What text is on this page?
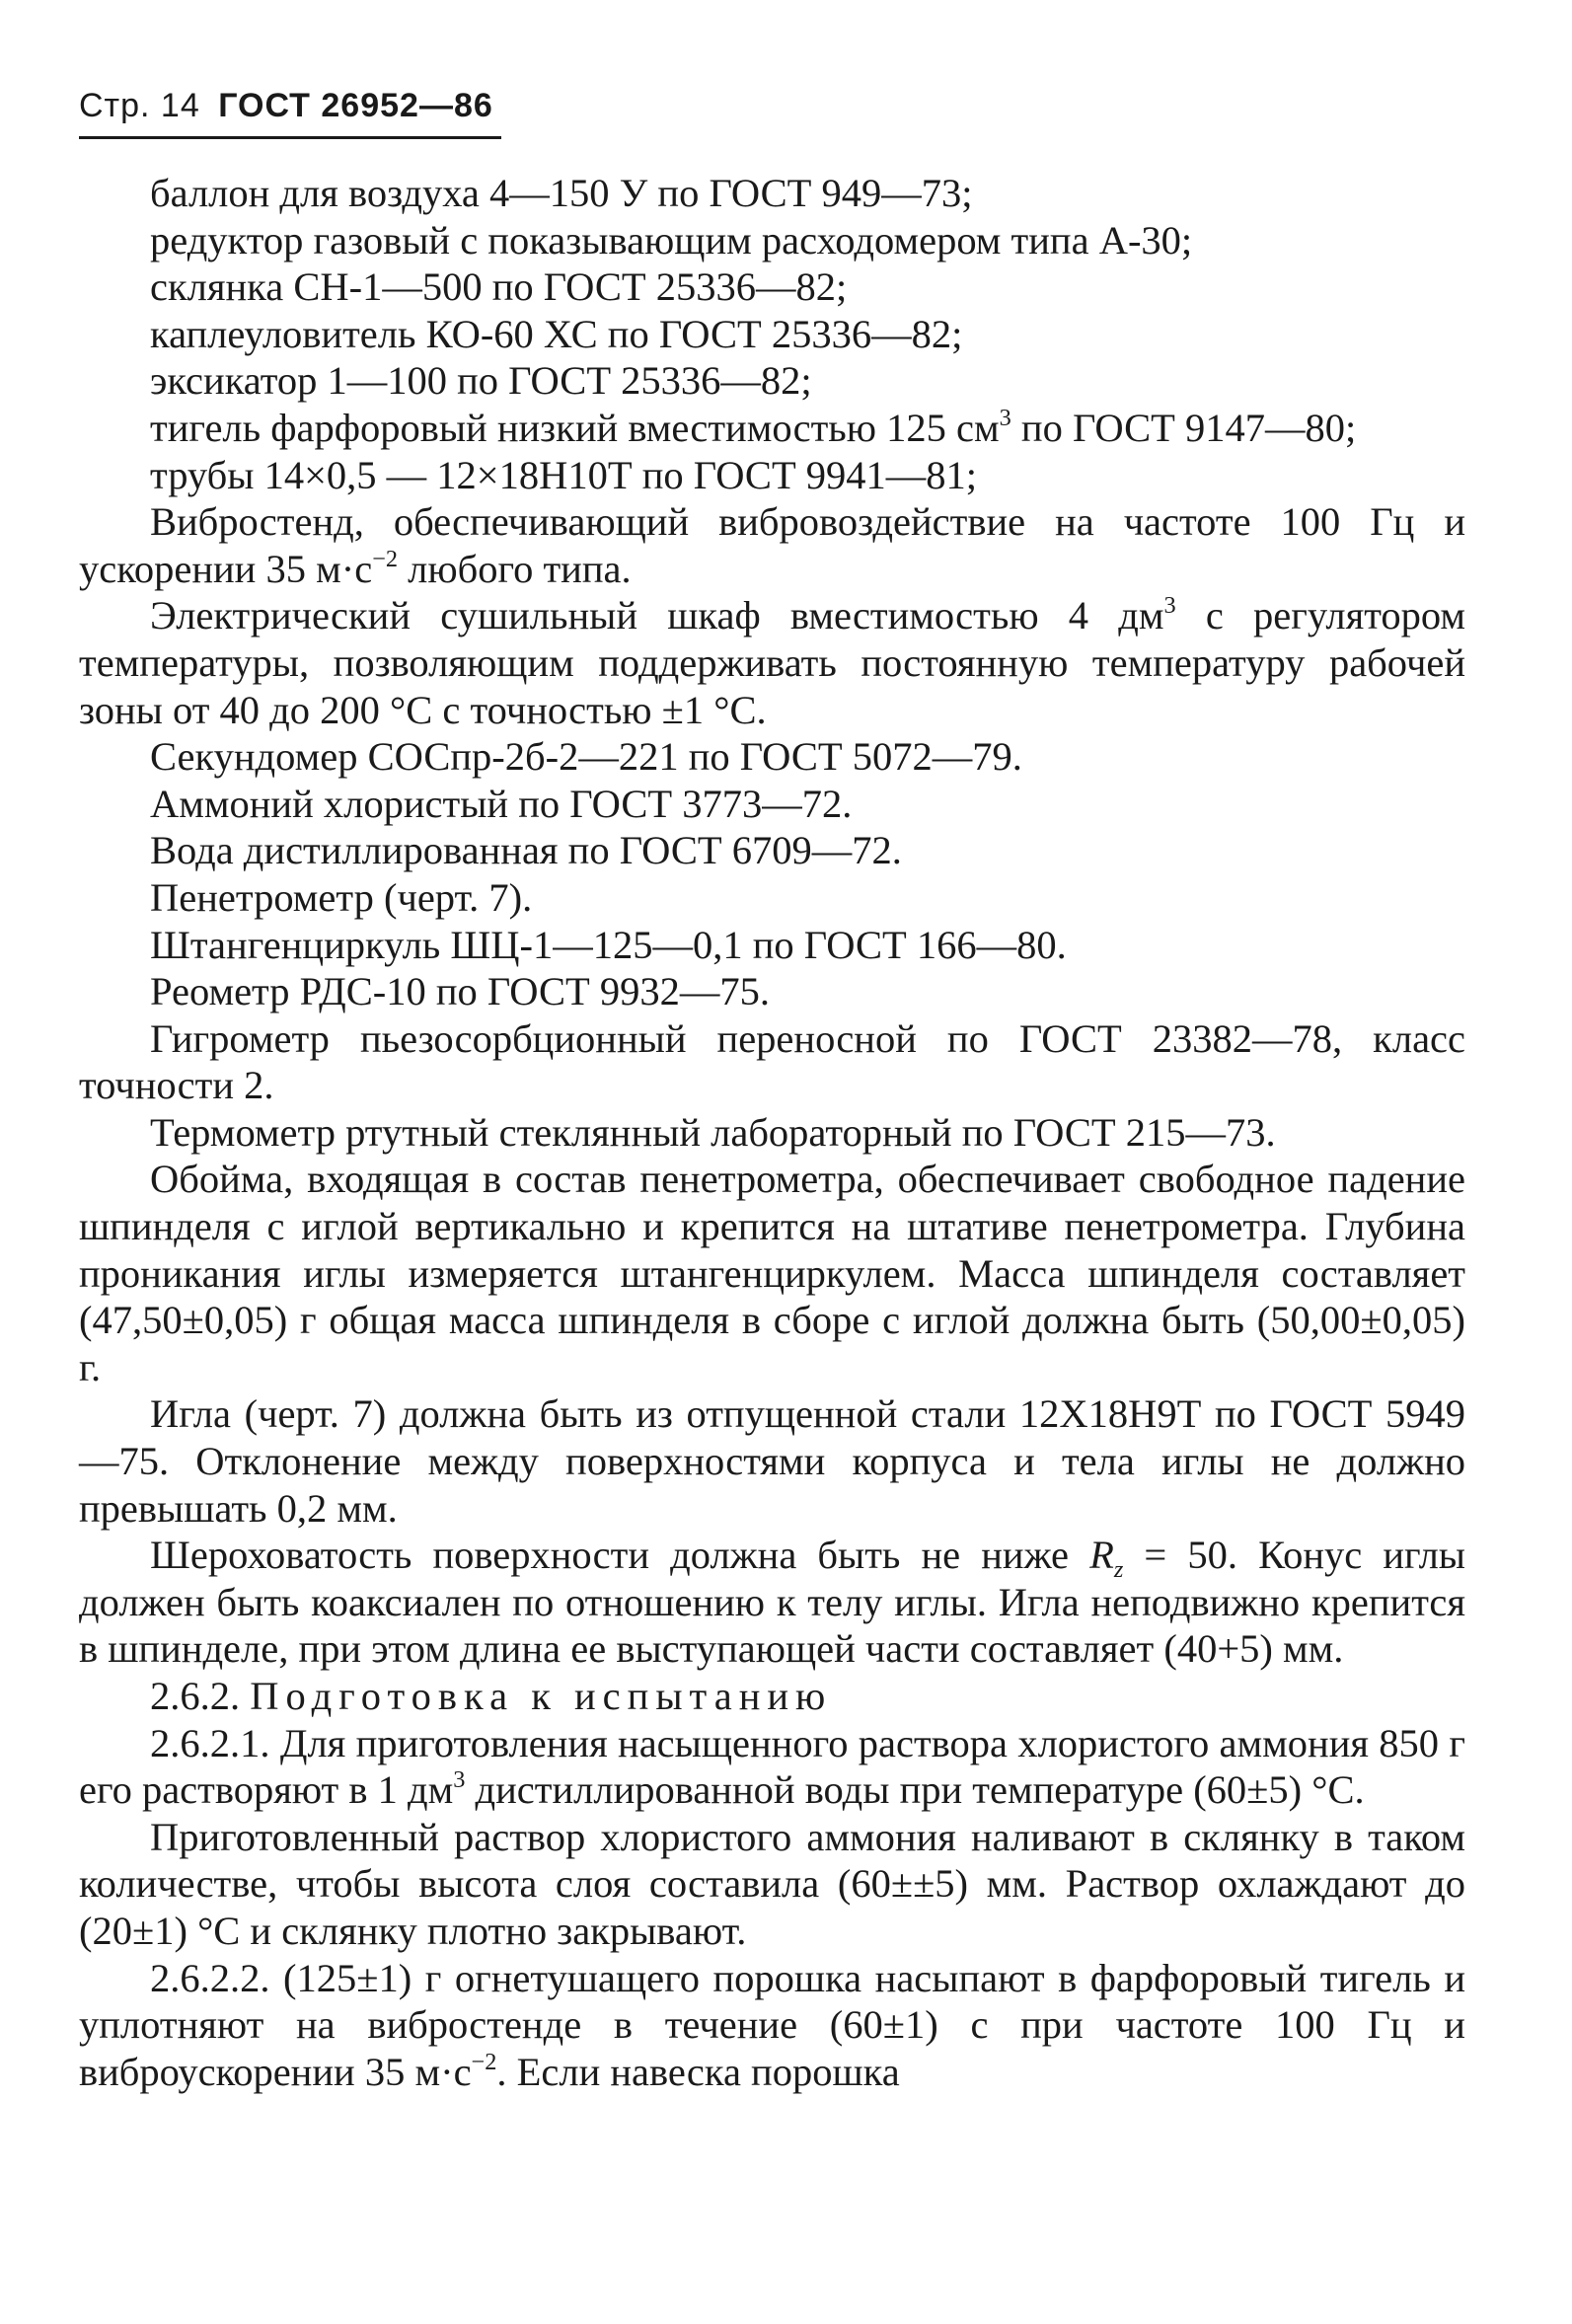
Стр. 14 ГОСТ 26952—86

баллон для воздуха 4—150 У по ГОСТ 949—73;

редуктор газовый с показывающим расходомером типа А-30;

склянка СН-1—500 по ГОСТ 25336—82;

каплеуловитель КО-60 ХС по ГОСТ 25336—82;

эксикатор 1—100 по ГОСТ 25336—82;

тигель фарфоровый низкий вместимостью 125 $см^3$ по ГОСТ 9147—80;

трубы 14×0,5 — 12×18Н10Т по ГОСТ 9941—81;

Вибростенд, обеспечивающий вибровоздействие на частоте 100 Гц и ускорении 35 $м\cdot с^{-2}$ любого типа.

Электрический сушильный шкаф вместимостью 4 $дм^3$ с регулятором температуры, позволяющим поддерживать постоянную температуру рабочей зоны от 40 до 200 °С с точностью ±1 °С.

Секундомер СОСпр-2б-2—221 по ГОСТ 5072—79.

Аммоний хлористый по ГОСТ 3773—72.

Вода дистиллированная по ГОСТ 6709—72.

Пенетрометр (черт. 7).

Штангенциркуль ШЦ-1—125—0,1 по ГОСТ 166—80.

Реометр РДС-10 по ГОСТ 9932—75.

Гигрометр пьезосорбционный переносной по ГОСТ 23382—78, класс точности 2.

Термометр ртутный стеклянный лабораторный по ГОСТ 215—73.

Обойма, входящая в состав пенетрометра, обеспечивает свободное падение шпинделя с иглой вертикально и крепится на штативе пенетрометра. Глубина проникания иглы измеряется штангенциркулем. Масса шпинделя составляет (47,50±0,05) г общая масса шпинделя в сборе с иглой должна быть (50,00±0,05) г.

Игла (черт. 7) должна быть из отпущенной стали 12Х18Н9Т по ГОСТ 5949—75. Отклонение между поверхностями корпуса и тела иглы не должно превышать 0,2 мм.

Шероховатость поверхности должна быть не ниже $R_z = 50$. Конус иглы должен быть коаксиален по отношению к телу иглы. Игла неподвижно крепится в шпинделе, при этом длина ее выступающей части составляет (40+5) мм.

2.6.2. Подготовка к испытанию

2.6.2.1. Для приготовления насыщенного раствора хлористого аммония 850 г его растворяют в 1 $дм^3$ дистиллированной воды при температуре (60±5) °С.

Приготовленный раствор хлористого аммония наливают в склянку в таком количестве, чтобы высота слоя составила (60±±5) мм. Раствор охлаждают до (20±1) °С и склянку плотно закрывают.

2.6.2.2. (125±1) г огнетушащего порошка насыпают в фарфоровый тигель и уплотняют на вибростенде в течение (60±1) с при частоте 100 Гц и виброускорении 35 $м\cdot с^{-2}$. Если навеска порошка
